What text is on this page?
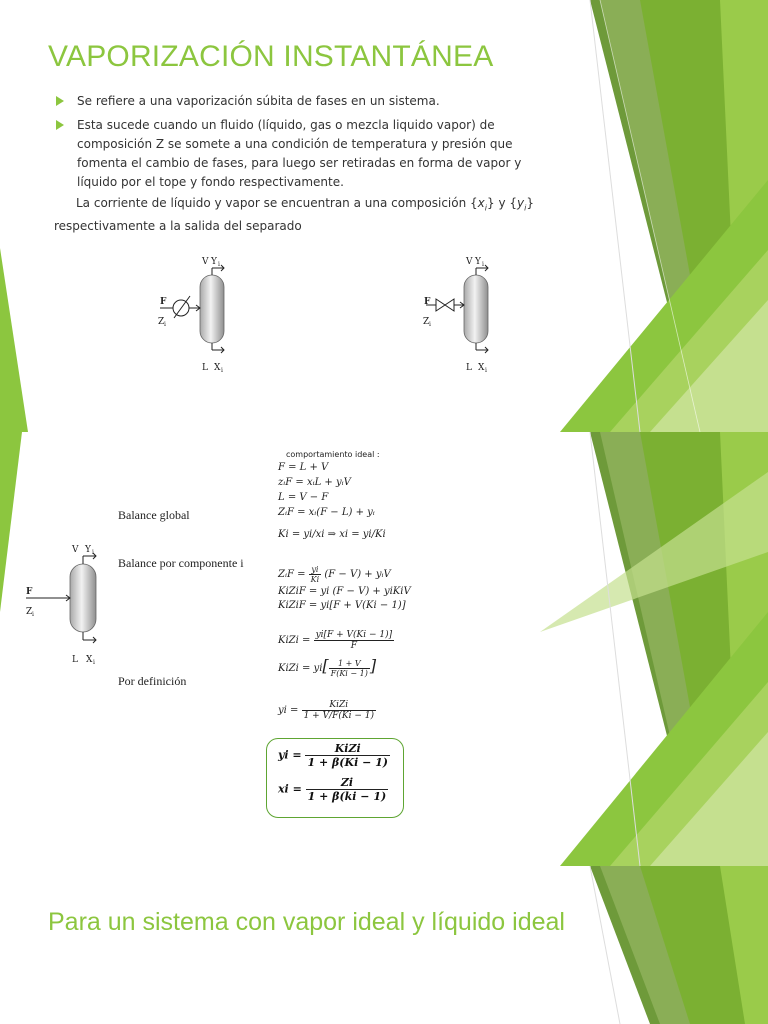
VAPORIZACIÓN INSTANTÁNEA
Se refiere a una vaporización súbita de fases en un sistema.
Esta sucede cuando un fluido (líquido, gas o mezcla liquido vapor) de composición Z se somete a una condición de temperatura y presión que fomenta el cambio de fases, para luego ser retiradas en forma de vapor y líquido por el tope y fondo respectivamente.
La corriente de líquido y vapor se encuentran a una composición $\{x_i\}$ y $\{y_i\}$ respectivamente a la salida del separado
V Y i
F
Z i
L X i
V Y i
F
Z i
L X i
comportamiento ideal :
F = L + V
zᵢF = xᵢL + yᵢV
L = V − F
ZᵢF = xᵢ(F − L) + yᵢ
Ki = yi/xi ⇒ xi = yi/Ki
Balance global
Balance por componente i
Por definición
ZᵢF = $\frac{yi}{Ki} (F - V)$ + yᵢV
KiZiF = yi (F − V) + yiKiV
KiZiF = yi[F + V(Ki − 1)]
KiZi = $\frac{yi[F + V(Ki - 1)]}{F}$
KiZi = $yi[ \frac{1 + V}{F(Ki - 1)}$ ]
yi = $\frac{\text{KiZi}}{1 + V/F(Ki - 1)}$
yi = $\frac{\text{KiZi}}{1 + \beta(Ki - 1)}$
xi = $\frac{Zi}{1 + \beta(ki - 1)}$
V Y i
F
Z i
L X i
Para un sistema con vapor ideal y líquido ideal
